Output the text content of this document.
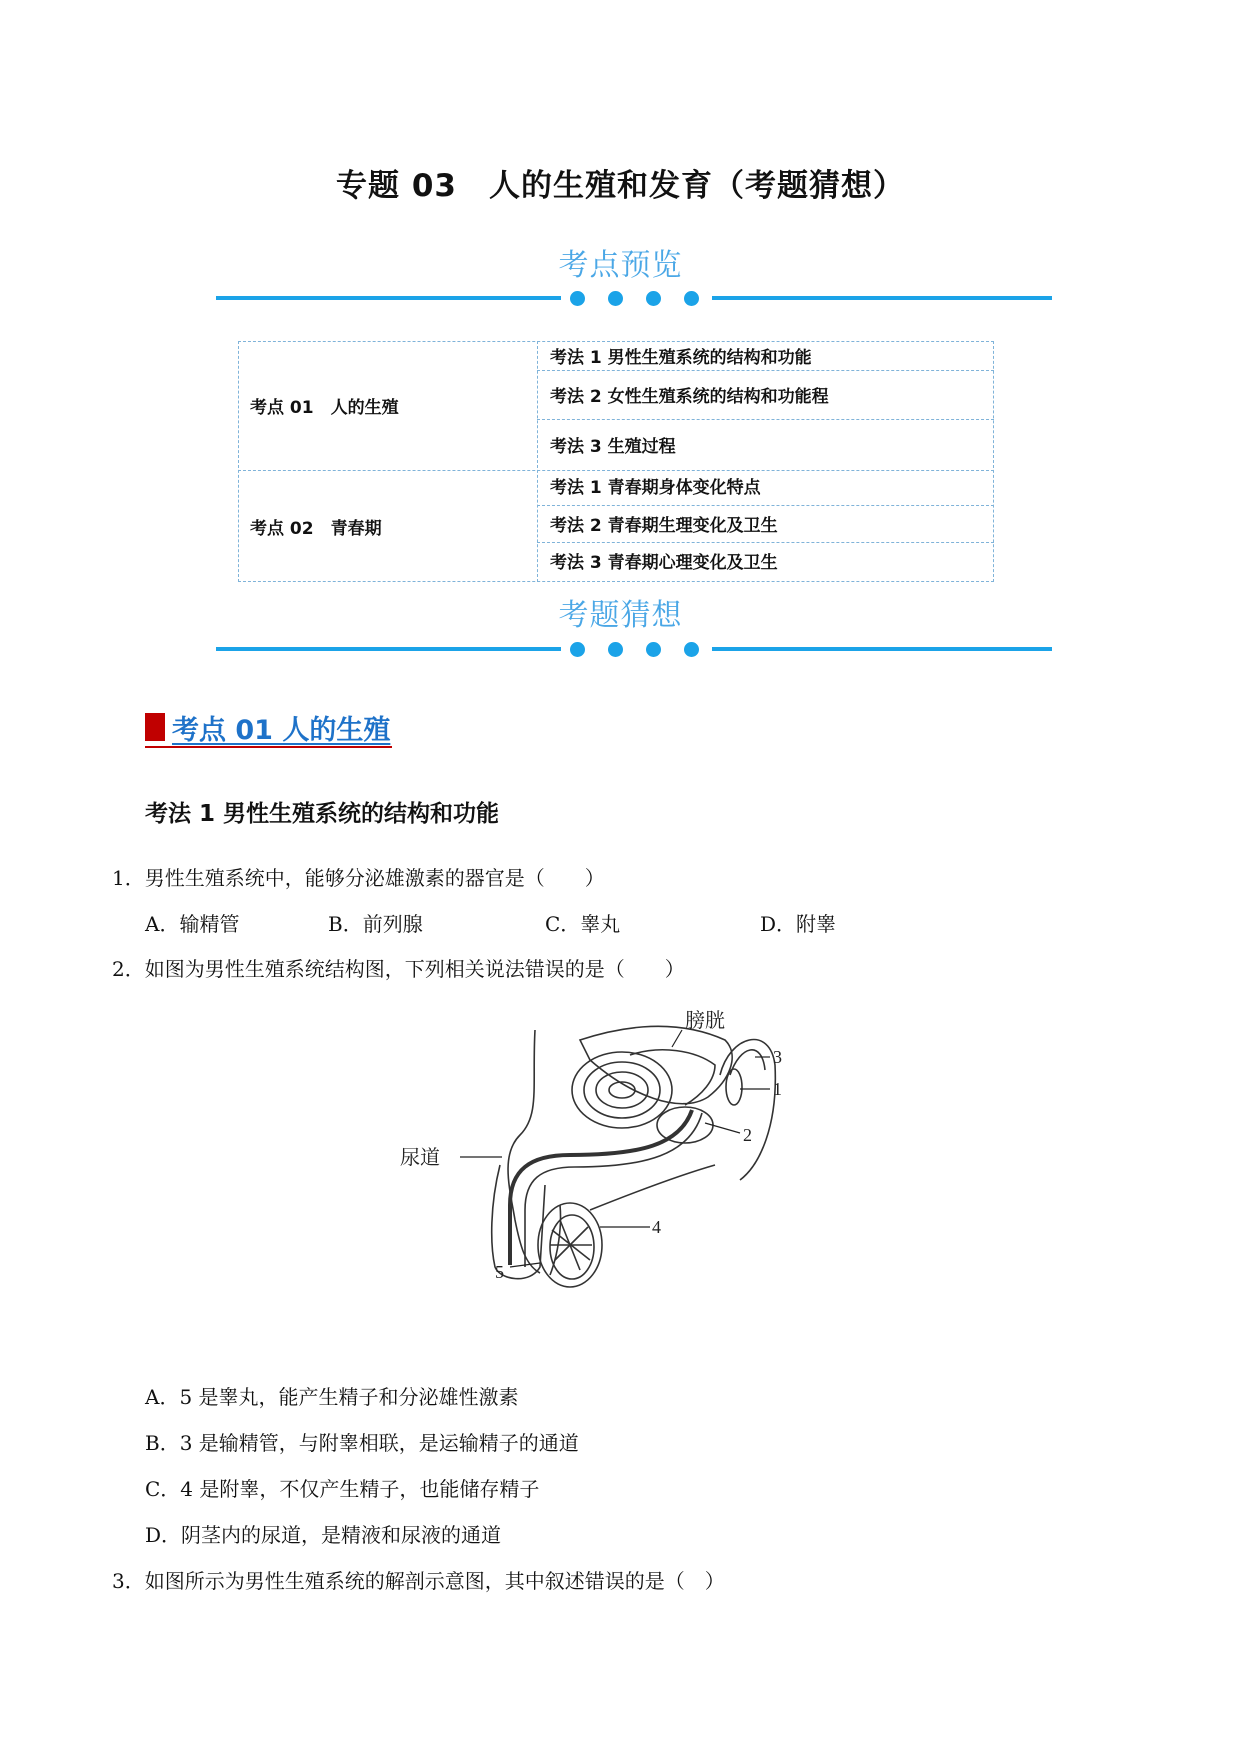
专题 03　人的生殖和发育（考题猜想）
考点预览
考点 01　人的生殖
考法 1 男性生殖系统的结构和功能
考法 2 女性生殖系统的结构和功能程
考法 3 生殖过程
考点 02　青春期
考法 1 青春期身体变化特点
考法 2 青春期生理变化及卫生
考法 3 青春期心理变化及卫生
考题猜想
考点 01 人的生殖
考法 1 男性生殖系统的结构和功能
1．男性生殖系统中，能够分泌雄激素的器官是（　　）
A．输精管	B．前列腺	C．睾丸	D．附睾
2．如图为男性生殖系统结构图，下列相关说法错误的是（　　）
膀胱
3
1
2
尿道
4
5
A．5 是睾丸，能产生精子和分泌雄性激素
B．3 是输精管，与附睾相联，是运输精子的通道
C．4 是附睾，不仅产生精子，也能储存精子
D．阴茎内的尿道，是精液和尿液的通道
3．如图所示为男性生殖系统的解剖示意图，其中叙述错误的是（　）
